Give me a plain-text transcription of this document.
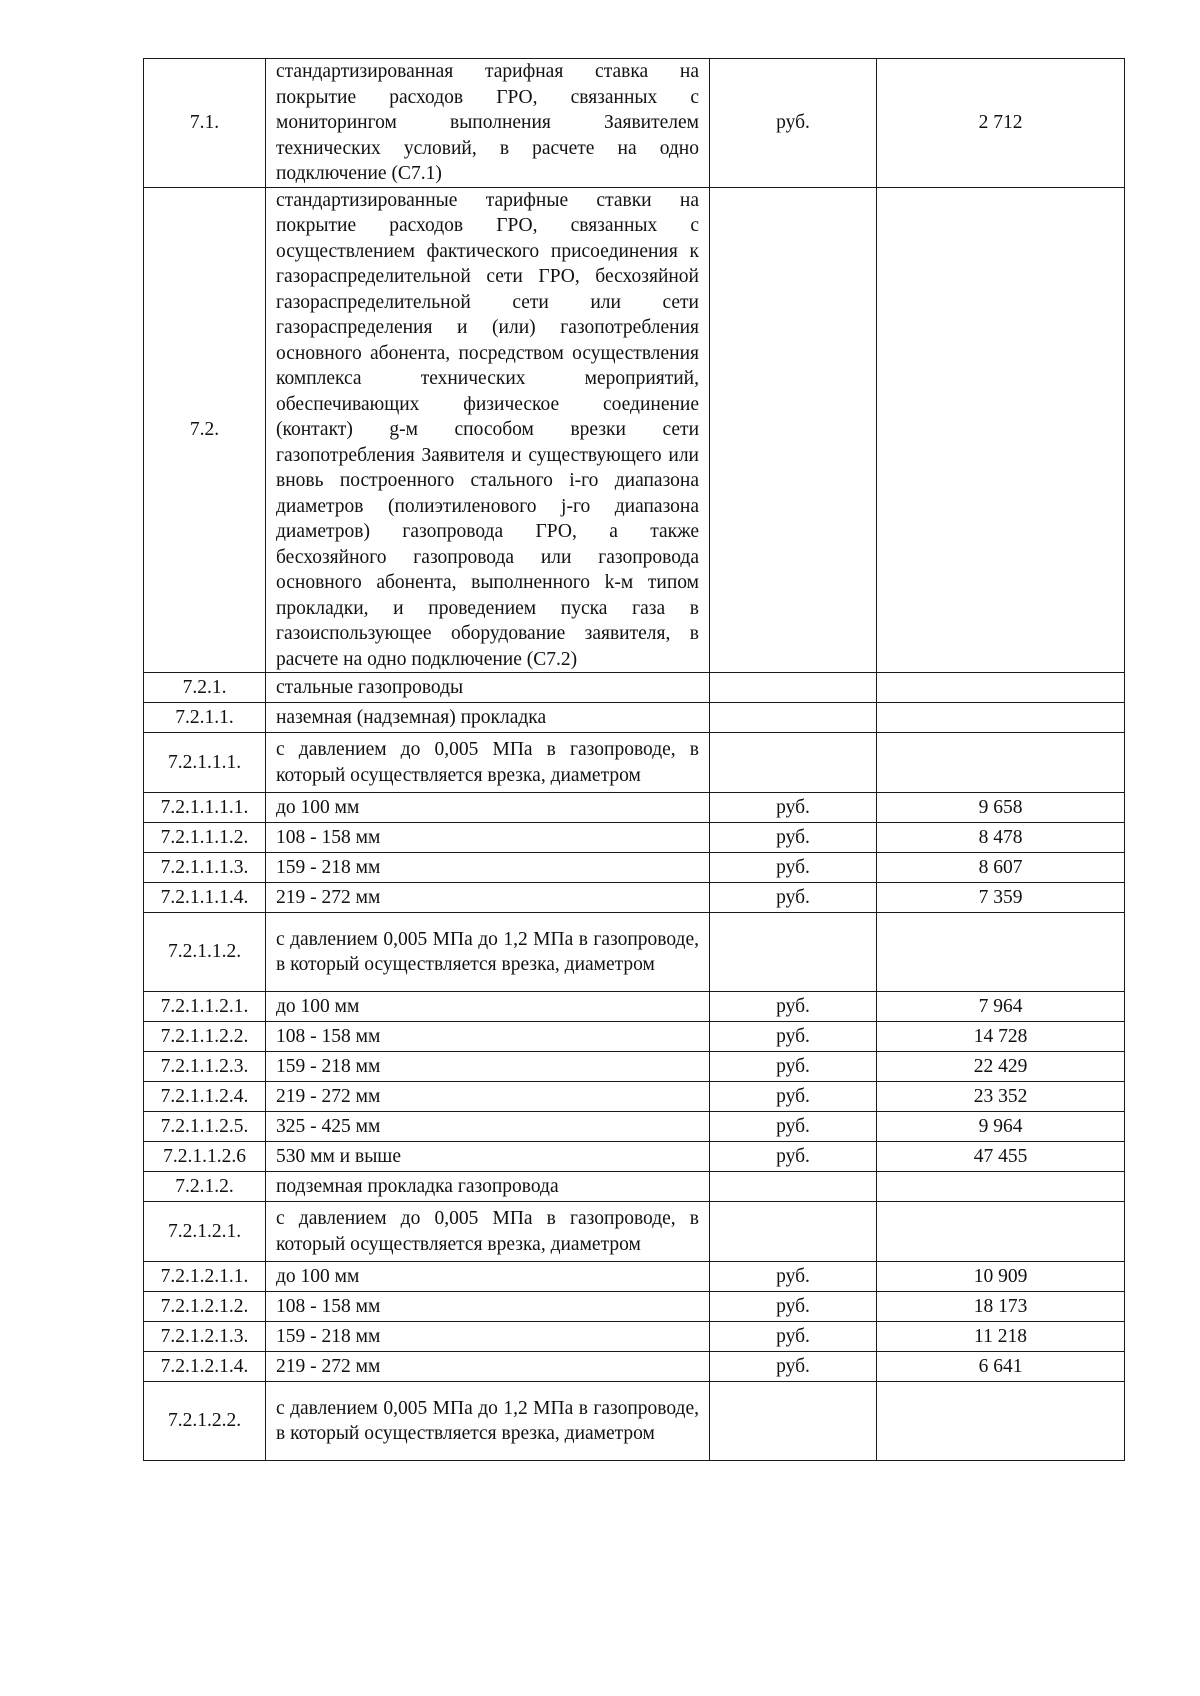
7.1.	стандартизированная тарифная ставка на покрытие расходов ГРО, связанных с мониторингом выполнения Заявителем технических условий, в расчете на одно подключение (С7.1)	руб.	2 712
7.2.	стандартизированные тарифные ставки на покрытие расходов ГРО, связанных с осуществлением фактического присоединения к газораспределительной сети ГРО, бесхозяйной газораспределительной сети или сети газораспределения и (или) газопотребления основного абонента, посредством осуществления комплекса технических мероприятий, обеспечивающих физическое соединение (контакт) g-м способом врезки сети газопотребления Заявителя и существующего или вновь построенного стального i-го диапазона диаметров (полиэтиленового j-го диапазона диаметров) газопровода ГРО, а также бесхозяйного газопровода или газопровода основного абонента, выполненного k-м типом прокладки, и проведением пуска газа в газоиспользующее оборудование заявителя, в расчете на одно подключение (С7.2)		
7.2.1.	стальные газопроводы		
7.2.1.1.	наземная (надземная) прокладка		
7.2.1.1.1.	с давлением до 0,005 МПа в газопроводе, в который осуществляется врезка, диаметром		
7.2.1.1.1.1.	до 100 мм	руб.	9 658
7.2.1.1.1.2.	108 - 158 мм	руб.	8 478
7.2.1.1.1.3.	159 - 218 мм	руб.	8 607
7.2.1.1.1.4.	219 - 272 мм	руб.	7 359
7.2.1.1.2.	с давлением 0,005 МПа до 1,2 МПа в газопроводе, в который осуществляется врезка, диаметром		
7.2.1.1.2.1.	до 100 мм	руб.	7 964
7.2.1.1.2.2.	108 - 158 мм	руб.	14 728
7.2.1.1.2.3.	159 - 218 мм	руб.	22 429
7.2.1.1.2.4.	219 - 272 мм	руб.	23 352
7.2.1.1.2.5.	325 - 425 мм	руб.	9 964
7.2.1.1.2.6	530 мм и выше	руб.	47 455
7.2.1.2.	подземная прокладка газопровода		
7.2.1.2.1.	с давлением до 0,005 МПа в газопроводе, в который осуществляется врезка, диаметром		
7.2.1.2.1.1.	до 100 мм	руб.	10 909
7.2.1.2.1.2.	108 - 158 мм	руб.	18 173
7.2.1.2.1.3.	159 - 218 мм	руб.	11 218
7.2.1.2.1.4.	219 - 272 мм	руб.	6 641
7.2.1.2.2.	с давлением 0,005 МПа до 1,2 МПа в газопроводе, в который осуществляется врезка, диаметром		
